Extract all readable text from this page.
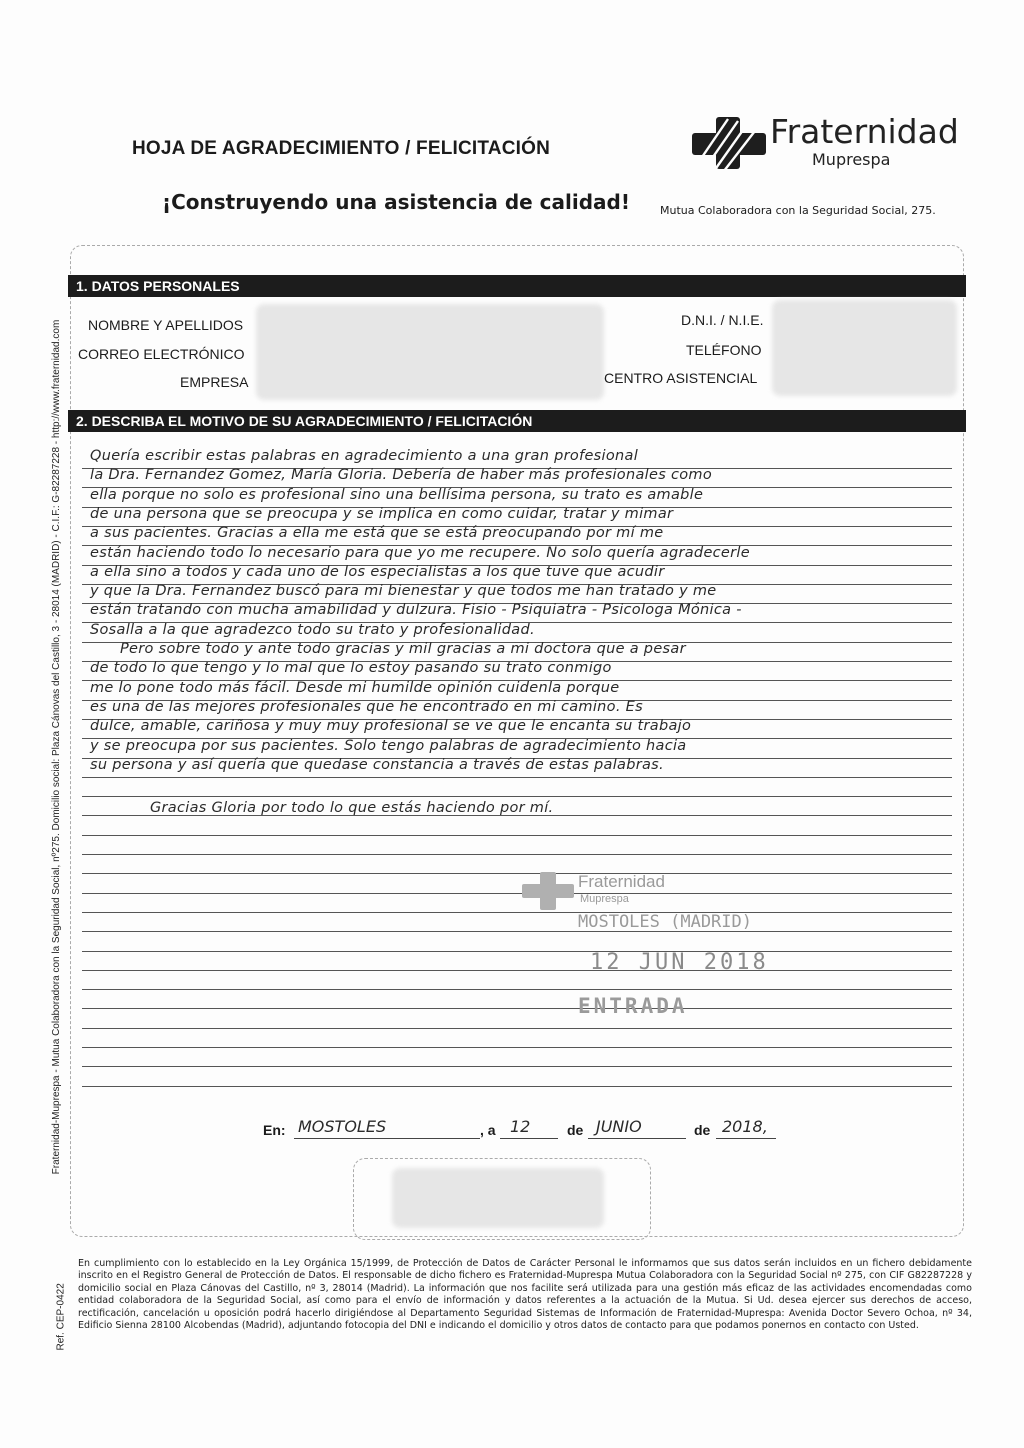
Fraternidad-Mupresp​a - Mutua Colaboradora con la Seguridad Social, nº275. Domicilio social: Plaza Cánovas del Castillo, 3 - 28014 (MADRID) - C.I.F.: G-82287228 - http://www.fraternidad.com
HOJA DE AGRADECIMIENTO / FELICITACIÓN
¡Construyendo una asistencia de calidad!
Fraternidad
Muprespa
Mutua Colaboradora con la Seguridad Social, 275.
1. DATOS PERSONALES
NOMBRE Y APELLIDOS
CORREO ELECTRÓNICO
EMPRESA
D.N.I. / N.I.E.
TELÉFONO
CENTRO ASISTENCIAL
2. DESCRIBA EL MOTIVO DE SU AGRADECIMIENTO / FELICITACIÓN
Quería escribir estas palabras en agradecimiento a una gran profesional
la Dra. Fernandez Gomez, María Gloria. Debería de haber más profesionales como
ella porque no solo es profesional sino una bellísima persona, su trato es amable
de una persona que se preocupa y se implica en como cuidar, tratar y mimar
a sus pacientes. Gracias a ella me está que se está preocupando por mí me
están haciendo todo lo necesario para que yo me recupere. No solo quería agradecerle
a ella sino a todos y cada uno de los especialistas a los que tuve que acudir
y que la Dra. Fernandez buscó para mi bienestar y que todos me han tratado y me
están tratando con mucha amabilidad y dulzura. Fisio - Psiquiatra - Psicologa Mónica -
Sosalla a la que agradezco todo su trato y profesionalidad.
Pero sobre todo y ante todo gracias y mil gracias a mi doctora que a pesar
de todo lo que tengo y lo mal que lo estoy pasando su trato conmigo
me lo pone todo más fácil. Desde mi humilde opinión cuidenla porque
es una de las mejores profesionales que he encontrado en mi camino. Es
dulce, amable, cariñosa y muy muy profesional se ve que le encanta su trabajo
y se preocupa por sus pacientes. Solo tengo palabras de agradecimiento hacia
su persona y así quería que quedase constancia a través de estas palabras.
Gracias Gloria por todo lo que estás haciendo por mí.
Fraternidad
Mupresp​a
MOSTOLES (MADRID)
12 JUN 2018
ENTRADA
En: MOSTOLES	, a 12	de JUNIO	de 2018,
En cumplimiento con lo establecido en la Ley Orgánica 15/1999, de Protección de Datos de Carácter Personal le informamos que sus datos serán incluidos en un fichero debidamente inscrito en el Registro General de Protección de Datos. El responsable de dicho fichero es Fraternidad-Mupresp​a Mutua Colaboradora con la Seguridad Social nº 275, con CIF G82287228 y domicilio social en Plaza Cánovas del Castillo, nº 3, 28014 (Madrid). La información que nos facilite será utilizada para una gestión más eficaz de las actividades encomendadas como entidad colaboradora de la Seguridad Social, así como para el envío de información y datos referentes a la actuación de la Mutua. Si Ud. desea ejercer sus derechos de acceso, rectificación, cancelación u oposición podrá hacerlo dirigiéndose al Departamento Seguridad Sistemas de Información de Fraternidad-Mupresp​a: Avenida Doctor Severo Ochoa, nº 34, Edificio Sienna 28100 Alcobendas (Madrid), adjuntando fotocopia del DNI e indicando el domicilio y otros datos de contacto para que podamos ponernos en contacto con Usted.
Ref. CEP-0422
